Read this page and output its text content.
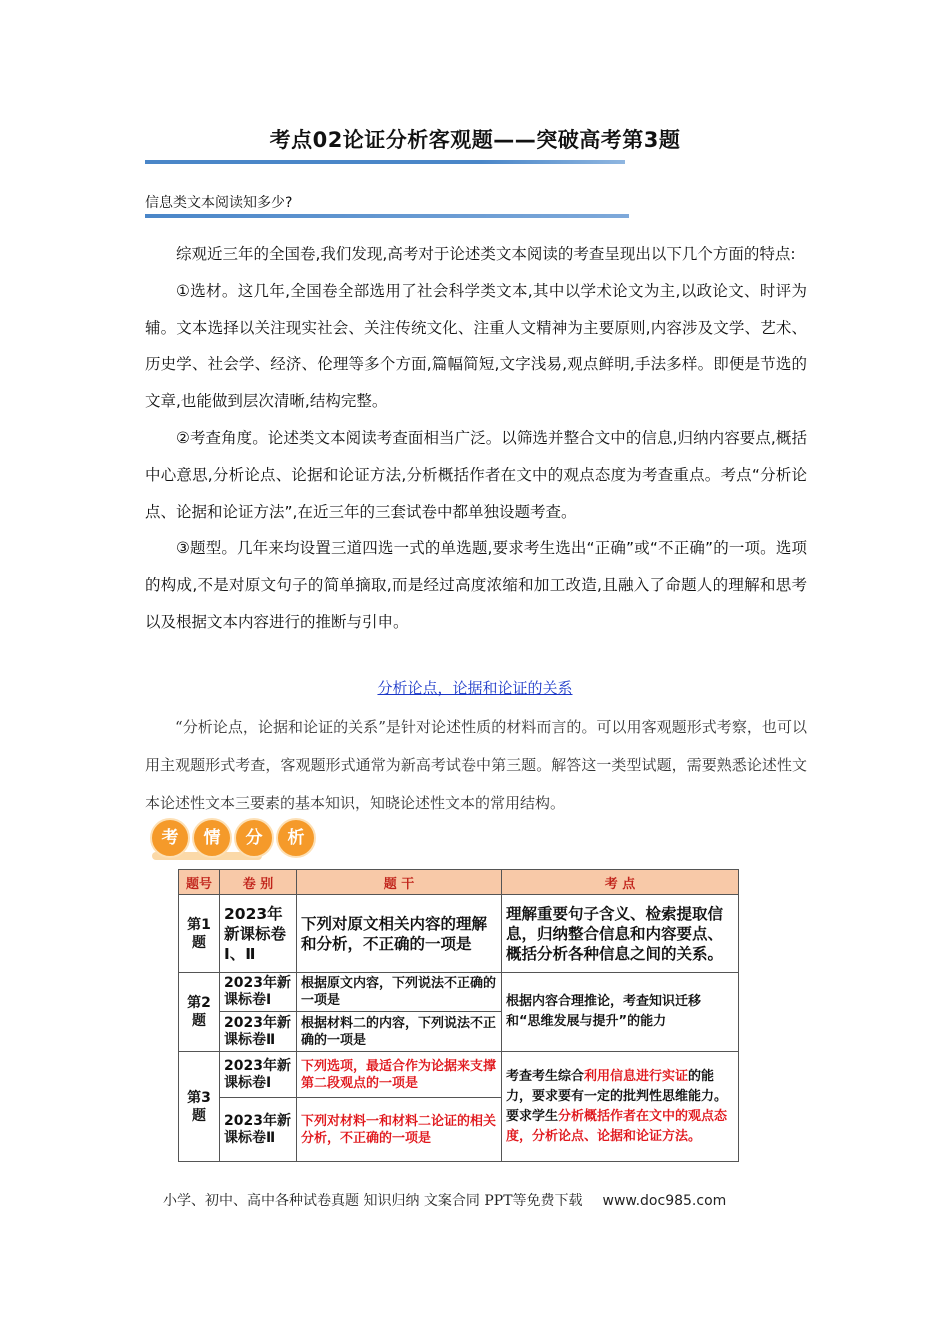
考点02论证分析客观题——突破高考第3题
信息类文本阅读知多少?

综观近三年的全国卷,我们发现,高考对于论述类文本阅读的考查呈现出以下几个方面的特点:

①选材。这几年,全国卷全部选用了社会科学类文本,其中以学术论文为主,以政论文、时评为辅。文本选择以关注现实社会、关注传统文化、注重人文精神为主要原则,内容涉及文学、艺术、历史学、社会学、经济、伦理等多个方面,篇幅简短,文字浅易,观点鲜明,手法多样。即便是节选的文章,也能做到层次清晰,结构完整。

②考查角度。论述类文本阅读考查面相当广泛。以筛选并整合文中的信息,归纳内容要点,概括中心意思,分析论点、论据和论证方法,分析概括作者在文中的观点态度为考查重点。考点“分析论点、论据和论证方法”,在近三年的三套试卷中都单独设题考查。

③题型。几年来均设置三道四选一式的单选题,要求考生选出“正确”或“不正确”的一项。选项的构成,不是对原文句子的简单摘取,而是经过高度浓缩和加工改造,且融入了命题人的理解和思考以及根据文本内容进行的推断与引申。

分析论点，论据和论证的关系

“分析论点，论据和论证的关系”是针对论述性质的材料而言的。可以用客观题形式考察，也可以用主观题形式考查，客观题形式通常为新高考试卷中第三题。解答这一类型试题，需要熟悉论述性文本论述性文本三要素的基本知识，知晓论述性文本的常用结构。

考	情	分	析
题号	卷 别	题 干	考 点
第1题	2023年新课标卷Ⅰ、Ⅱ	下列对原文相关内容的理解和分析，不正确的一项是	理解重要句子含义、检索提取信息，归纳整合信息和内容要点、概括分析各种信息之间的关系。
第2题	2023年新课标卷Ⅰ	根据原文内容，下列说法不正确的一项是	根据内容合理推论，考查知识迁移和“思维发展与提升”的能力
	2023年新课标卷Ⅱ	根据材料二的内容，下列说法不正确的一项是	
第3题	2023年新课标卷Ⅰ	下列选项，最适合作为论据来支撑第二段观点的一项是	考查考生综合利用信息进行实证的能力，要求要有一定的批判性思维能力。要求学生分析概括作者在文中的观点态度，分析论点、论据和论证方法。
	2023年新课标卷Ⅱ	下列对材料一和材料二论证的相关分析，不正确的一项是	
小学、初中、高中各种试卷真题 知识归纳 文案合同 PPT等免费下载 www.doc985.com
